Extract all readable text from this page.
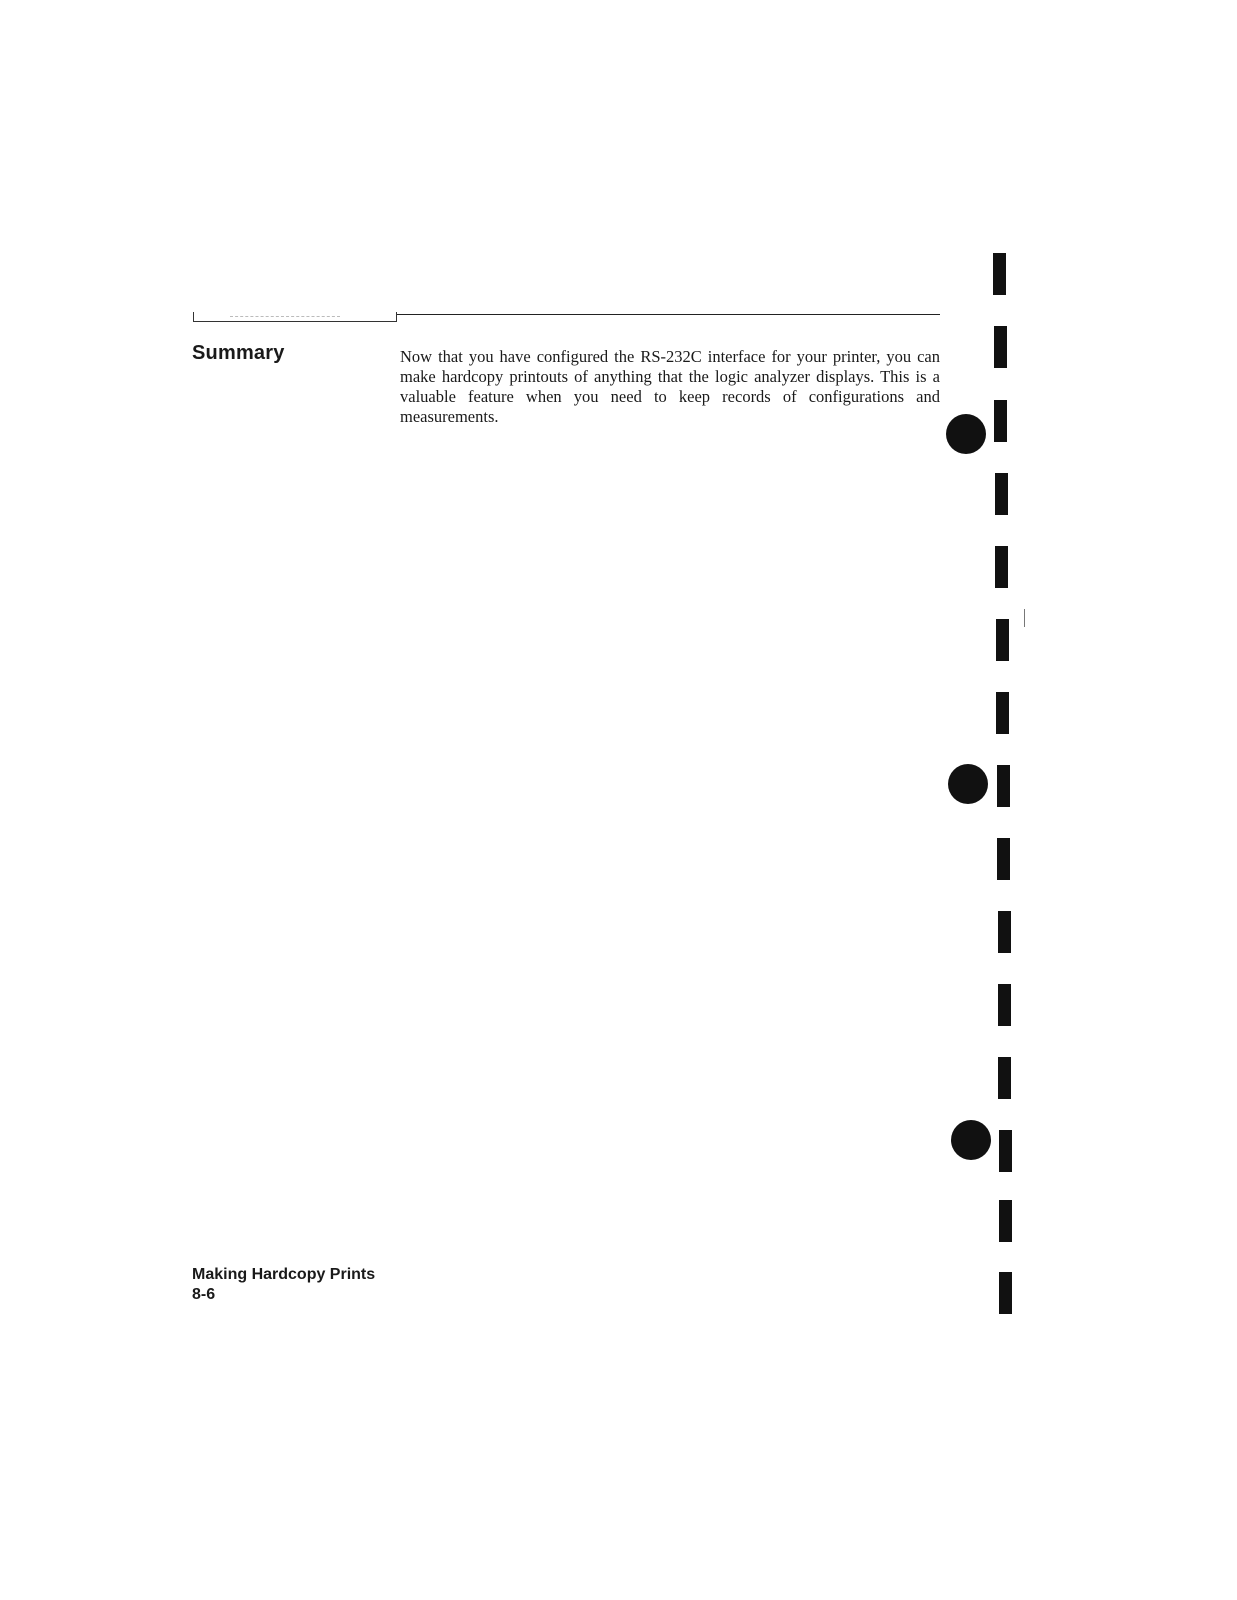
Summary	Now that you have configured the RS-232C interface for your printer, you can make hardcopy printouts of anything that the logic analyzer displays. This is a valuable feature when you need to keep records of configurations and measurements.
Making Hardcopy Prints
8-6
